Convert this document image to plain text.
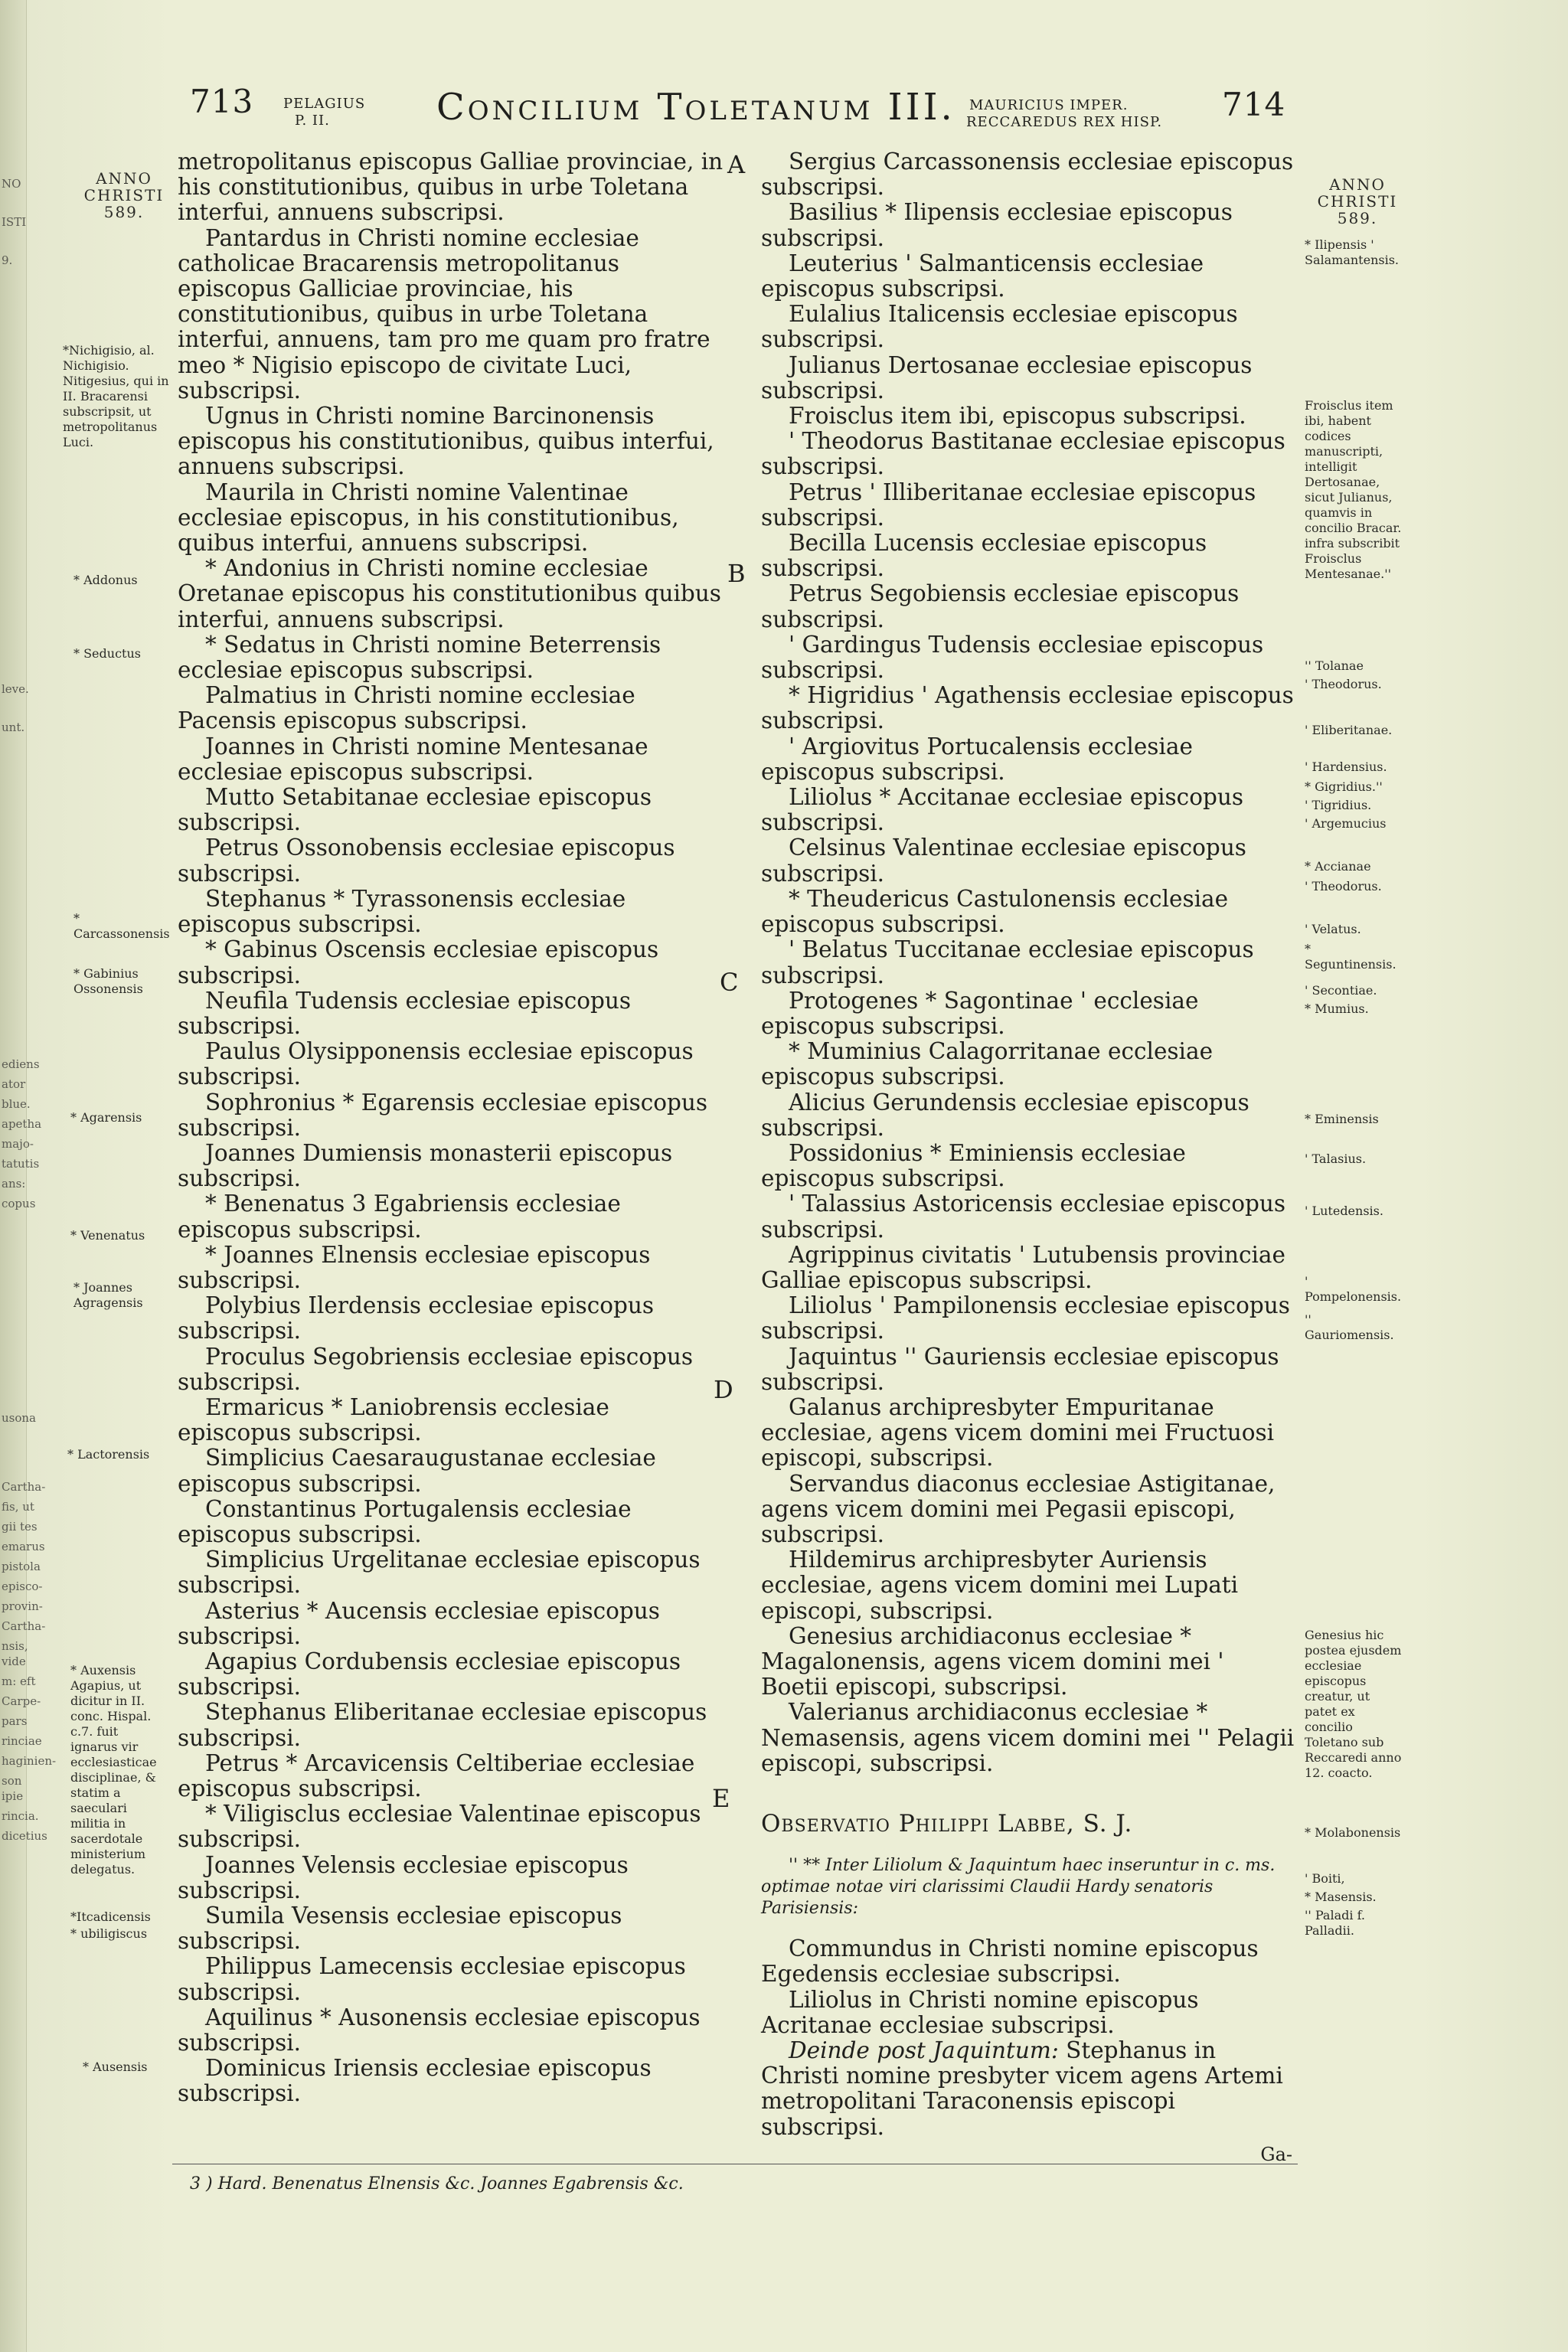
NO
ISTI
9.
leve.
unt.
ediens
ator
blue.
apetha
majo-
tatutis
ans:
copus
usona
Cartha-
fis, ut
gii tes
emarus
pistola
episco-
provin-
Cartha-
nsis, vide
m: eft
Carpe-
pars
rinciae
haginien-
son ipie
rincia.
dicetius
713 PELAGIUS
P. II.	Concilium Toletanum III. MAURICIUS IMPER.
RECCAREDUS REX HISP. 714
ANNO
CHRISTI
589.
*Nichigisio, al. Nichigisio. Nitigesius, qui in II. Bracarensi subscripsit, ut metropolitanus Luci.
* Addonus
* Seductus
* Carcassonensis
* Gabinius Ossonensis
* Agarensis
* Venenatus
* Joannes Agragensis
* Lactorensis
* Auxensis Agapius, ut dicitur in II. conc. Hispal. c.7. fuit ignarus vir ecclesiasticae disciplinae, & statim a saeculari militia in sacerdotale ministerium delegatus.
*Itcadicensis
* ubiligiscus
* Ausensis

metropolitanus episcopus Galliae provinciae, in his constitutionibus, quibus in urbe Toletana interfui, annuens subscripsi.

Pantardus in Christi nomine ecclesiae catholicae Bracarensis metropolitanus episcopus Galliciae provinciae, his constitutionibus, quibus in urbe Toletana interfui, annuens, tam pro me quam pro fratre meo * Nigisio episcopo de civitate Luci, subscripsi.

Ugnus in Christi nomine Barcinonensis episcopus his constitutionibus, quibus interfui, annuens subscripsi.

Maurila in Christi nomine Valentinae ecclesiae episcopus, in his constitutionibus, quibus interfui, annuens subscripsi.

* Andonius in Christi nomine ecclesiae Oretanae episcopus his constitutionibus quibus interfui, annuens subscripsi.

* Sedatus in Christi nomine Beterrensis ecclesiae episcopus subscripsi.

Palmatius in Christi nomine ecclesiae Pacensis episcopus subscripsi.

Joannes in Christi nomine Mentesanae ecclesiae episcopus subscripsi.

Mutto Setabitanae ecclesiae episcopus subscripsi.

Petrus Ossonobensis ecclesiae episcopus subscripsi.

Stephanus * Tyrassonensis ecclesiae episcopus subscripsi.

* Gabinus Oscensis ecclesiae episcopus subscripsi.

Neufila Tudensis ecclesiae episcopus subscripsi.

Paulus Olysipponensis ecclesiae episcopus subscripsi.

Sophronius * Egarensis ecclesiae episcopus subscripsi.

Joannes Dumiensis monasterii episcopus subscripsi.

* Benenatus 3 Egabriensis ecclesiae episcopus subscripsi.

* Joannes Elnensis ecclesiae episcopus subscripsi.

Polybius Ilerdensis ecclesiae episcopus subscripsi.

Proculus Segobriensis ecclesiae episcopus subscripsi.

Ermaricus * Laniobrensis ecclesiae episcopus subscripsi.

Simplicius Caesaraugustanae ecclesiae episcopus subscripsi.

Constantinus Portugalensis ecclesiae episcopus subscripsi.

Simplicius Urgelitanae ecclesiae episcopus subscripsi.

Asterius * Aucensis ecclesiae episcopus subscripsi.

Agapius Cordubensis ecclesiae episcopus subscripsi.

Stephanus Eliberitanae ecclesiae episcopus subscripsi.

Petrus * Arcavicensis Celtiberiae ecclesiae episcopus subscripsi.

* Viligisclus ecclesiae Valentinae episcopus subscripsi.

Joannes Velensis ecclesiae episcopus subscripsi.

Sumila Vesensis ecclesiae episcopus subscripsi.

Philippus Lamecensis ecclesiae episcopus subscripsi.

Aquilinus * Ausonensis ecclesiae episcopus subscripsi.

Dominicus Iriensis ecclesiae episcopus subscripsi.

A
B
C
D
E

Sergius Carcassonensis ecclesiae episcopus subscripsi.

Basilius * Ilipensis ecclesiae episcopus subscripsi.

Leuterius ' Salmanticensis ecclesiae episcopus subscripsi.

Eulalius Italicensis ecclesiae episcopus subscripsi.

Julianus Dertosanae ecclesiae episcopus subscripsi.

Froisclus item ibi, episcopus subscripsi.

' Theodorus Bastitanae ecclesiae episcopus subscripsi.

Petrus ' Illiberitanae ecclesiae episcopus subscripsi.

Becilla Lucensis ecclesiae episcopus subscripsi.

Petrus Segobiensis ecclesiae episcopus subscripsi.

' Gardingus Tudensis ecclesiae episcopus subscripsi.

* Higridius ' Agathensis ecclesiae episcopus subscripsi.

' Argiovitus Portucalensis ecclesiae episcopus subscripsi.

Liliolus * Accitanae ecclesiae episcopus subscripsi.

Celsinus Valentinae ecclesiae episcopus subscripsi.

* Theudericus Castulonensis ecclesiae episcopus subscripsi.

' Belatus Tuccitanae ecclesiae episcopus subscripsi.

Protogenes * Sagontinae ' ecclesiae episcopus subscripsi.

* Muminius Calagorritanae ecclesiae episcopus subscripsi.

Alicius Gerundensis ecclesiae episcopus subscripsi.

Possidonius * Eminiensis ecclesiae episcopus subscripsi.

' Talassius Astoricensis ecclesiae episcopus subscripsi.

Agrippinus civitatis ' Lutubensis provinciae Galliae episcopus subscripsi.

Liliolus ' Pampilonensis ecclesiae episcopus subscripsi.

Jaquintus '' Gauriensis ecclesiae episcopus subscripsi.

Galanus archipresbyter Empuritanae ecclesiae, agens vicem domini mei Fructuosi episcopi, subscripsi.

Servandus diaconus ecclesiae Astigitanae, agens vicem domini mei Pegasii episcopi, subscripsi.

Hildemirus archipresbyter Auriensis ecclesiae, agens vicem domini mei Lupati episcopi, subscripsi.

Genesius archidiaconus ecclesiae * Magalonensis, agens vicem domini mei ' Boetii episcopi, subscripsi.

Valerianus archidiaconus ecclesiae * Nemasensis, agens vicem domini mei '' Pelagii episcopi, subscripsi.

Observatio Philippi Labbe, S. J.

'' ** Inter Liliolum & Jaquintum haec inseruntur in c. ms. optimae notae viri clarissimi Claudii Hardy senatoris Parisiensis:

Commundus in Christi nomine episcopus Egedensis ecclesiae subscripsi.

Liliolus in Christi nomine episcopus Acritanae ecclesiae subscripsi.

Deinde post Jaquintum: Stephanus in Christi nomine presbyter vicem agens Artemi metropolitani Taraconensis episcopi subscripsi.

ANNO
CHRISTI
589.
* Ilipensis ' Salamantensis.
Froisclus item ibi, habent codices manuscripti, intelligit Dertosanae, sicut Julianus, quamvis in concilio Bracar. infra subscribit Froisclus Mentesanae.''
'' Tolanae
' Theodorus.
' Eliberitanae.
' Hardensius.
* Gigridius.''
' Tigridius.
' Argemucius
* Accianae
' Theodorus.
' Velatus.
* Seguntinensis.
' Secontiae.
* Mumius.
* Eminensis
' Talasius.
' Lutedensis.
' Pompelonensis.
'' Gauriomensis.
Genesius hic postea ejusdem ecclesiae episcopus creatur, ut patet ex concilio Toletano sub Reccaredi anno 12. coacto.
* Molabonensis
' Boiti,
* Masensis.
'' Paladi f. Palladii.
Ga-
3 ) Hard. Benenatus Elnensis &c. Joannes Egabrensis &c.
